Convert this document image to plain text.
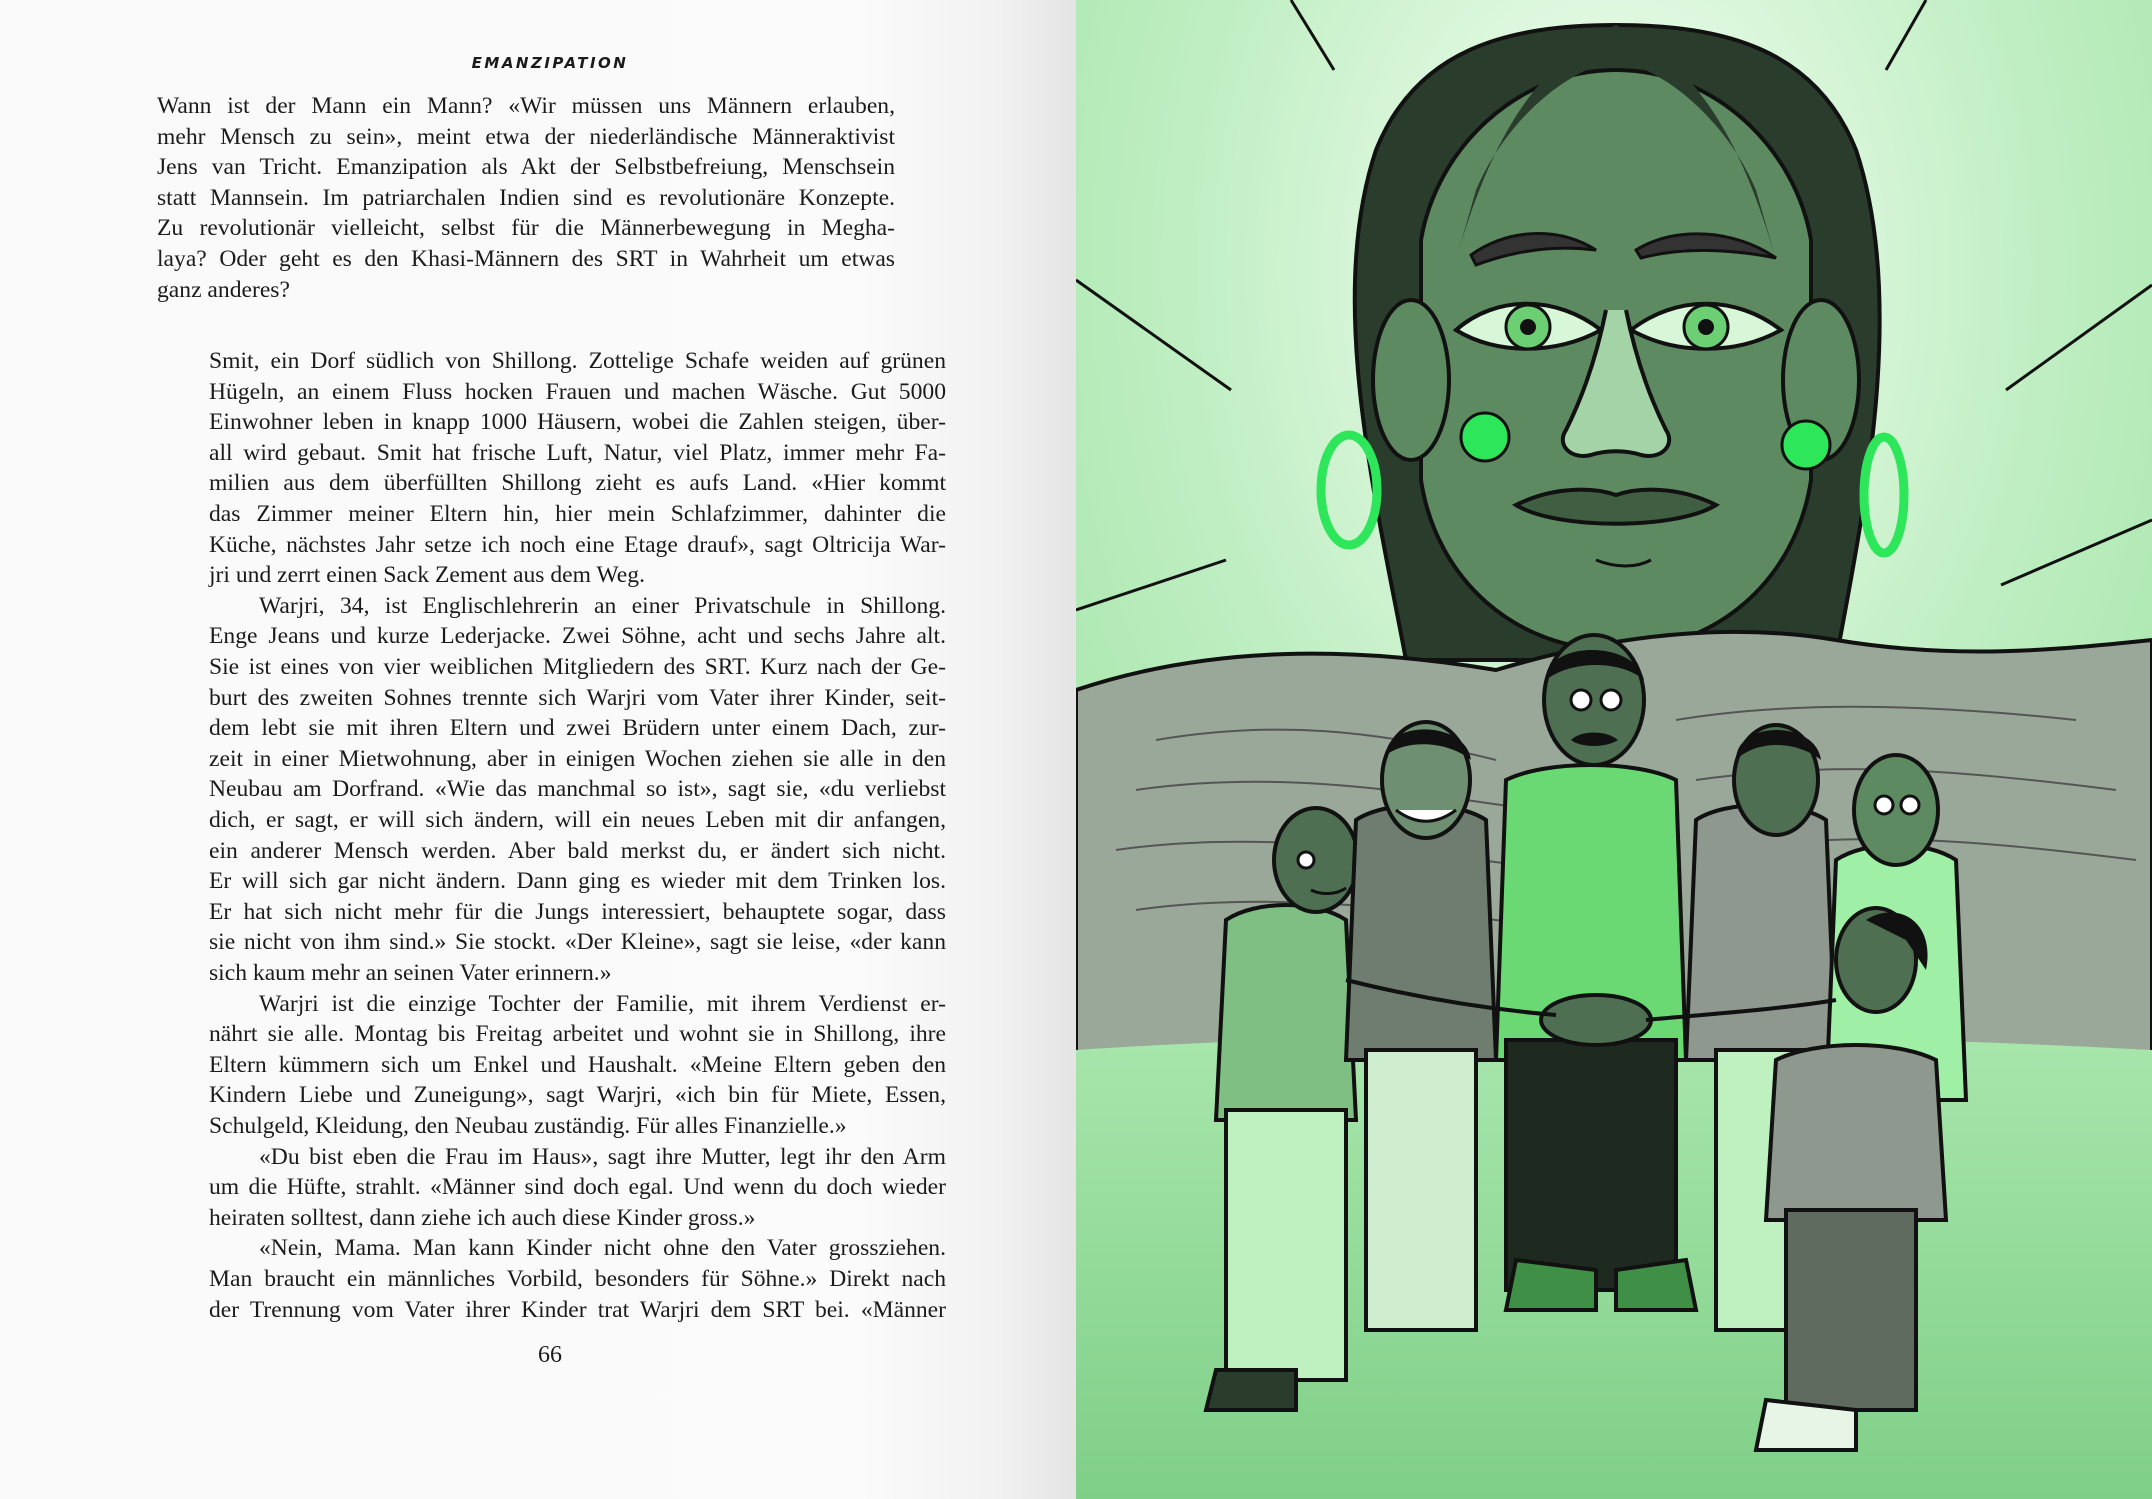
EMANZIPATION
Wann ist der Mann ein Mann? «Wir müssen uns Männern erlauben,
mehr Mensch zu sein», meint etwa der niederländische Männeraktivist
Jens van Tricht. Emanzipation als Akt der Selbstbefreiung, Menschsein
statt Mannsein. Im patriarchalen Indien sind es revolutionäre Konzepte.
Zu revolutionär vielleicht, selbst für die Männerbewegung in Megha-
laya? Oder geht es den Khasi-Männern des SRT in Wahrheit um etwas
ganz anderes?
Smit, ein Dorf südlich von Shillong. Zottelige Schafe weiden auf grünen
Hügeln, an einem Fluss hocken Frauen und machen Wäsche. Gut 5000
Einwohner leben in knapp 1000 Häusern, wobei die Zahlen steigen, über-
all wird gebaut. Smit hat frische Luft, Natur, viel Platz, immer mehr Fa-
milien aus dem überfüllten Shillong zieht es aufs Land. «Hier kommt
das Zimmer meiner Eltern hin, hier mein Schlafzimmer, dahinter die
Küche, nächstes Jahr setze ich noch eine Etage drauf», sagt Oltricija War-
jri und zerrt einen Sack Zement aus dem Weg.
Warjri, 34, ist Englischlehrerin an einer Privatschule in Shillong.
Enge Jeans und kurze Lederjacke. Zwei Söhne, acht und sechs Jahre alt.
Sie ist eines von vier weiblichen Mitgliedern des SRT. Kurz nach der Ge-
burt des zweiten Sohnes trennte sich Warjri vom Vater ihrer Kinder, seit-
dem lebt sie mit ihren Eltern und zwei Brüdern unter einem Dach, zur-
zeit in einer Mietwohnung, aber in einigen Wochen ziehen sie alle in den
Neubau am Dorfrand. «Wie das manchmal so ist», sagt sie, «du verliebst
dich, er sagt, er will sich ändern, will ein neues Leben mit dir anfangen,
ein anderer Mensch werden. Aber bald merkst du, er ändert sich nicht.
Er will sich gar nicht ändern. Dann ging es wieder mit dem Trinken los.
Er hat sich nicht mehr für die Jungs interessiert, behauptete sogar, dass
sie nicht von ihm sind.» Sie stockt. «Der Kleine», sagt sie leise, «der kann
sich kaum mehr an seinen Vater erinnern.»
Warjri ist die einzige Tochter der Familie, mit ihrem Verdienst er-
nährt sie alle. Montag bis Freitag arbeitet und wohnt sie in Shillong, ihre
Eltern kümmern sich um Enkel und Haushalt. «Meine Eltern geben den
Kindern Liebe und Zuneigung», sagt Warjri, «ich bin für Miete, Essen,
Schulgeld, Kleidung, den Neubau zuständig. Für alles Finanzielle.»
«Du bist eben die Frau im Haus», sagt ihre Mutter, legt ihr den Arm
um die Hüfte, strahlt. «Männer sind doch egal. Und wenn du doch wieder
heiraten solltest, dann ziehe ich auch diese Kinder gross.»
«Nein, Mama. Man kann Kinder nicht ohne den Vater grossziehen.
Man braucht ein männliches Vorbild, besonders für Söhne.» Direkt nach
der Trennung vom Vater ihrer Kinder trat Warjri dem SRT bei. «Männer
66
